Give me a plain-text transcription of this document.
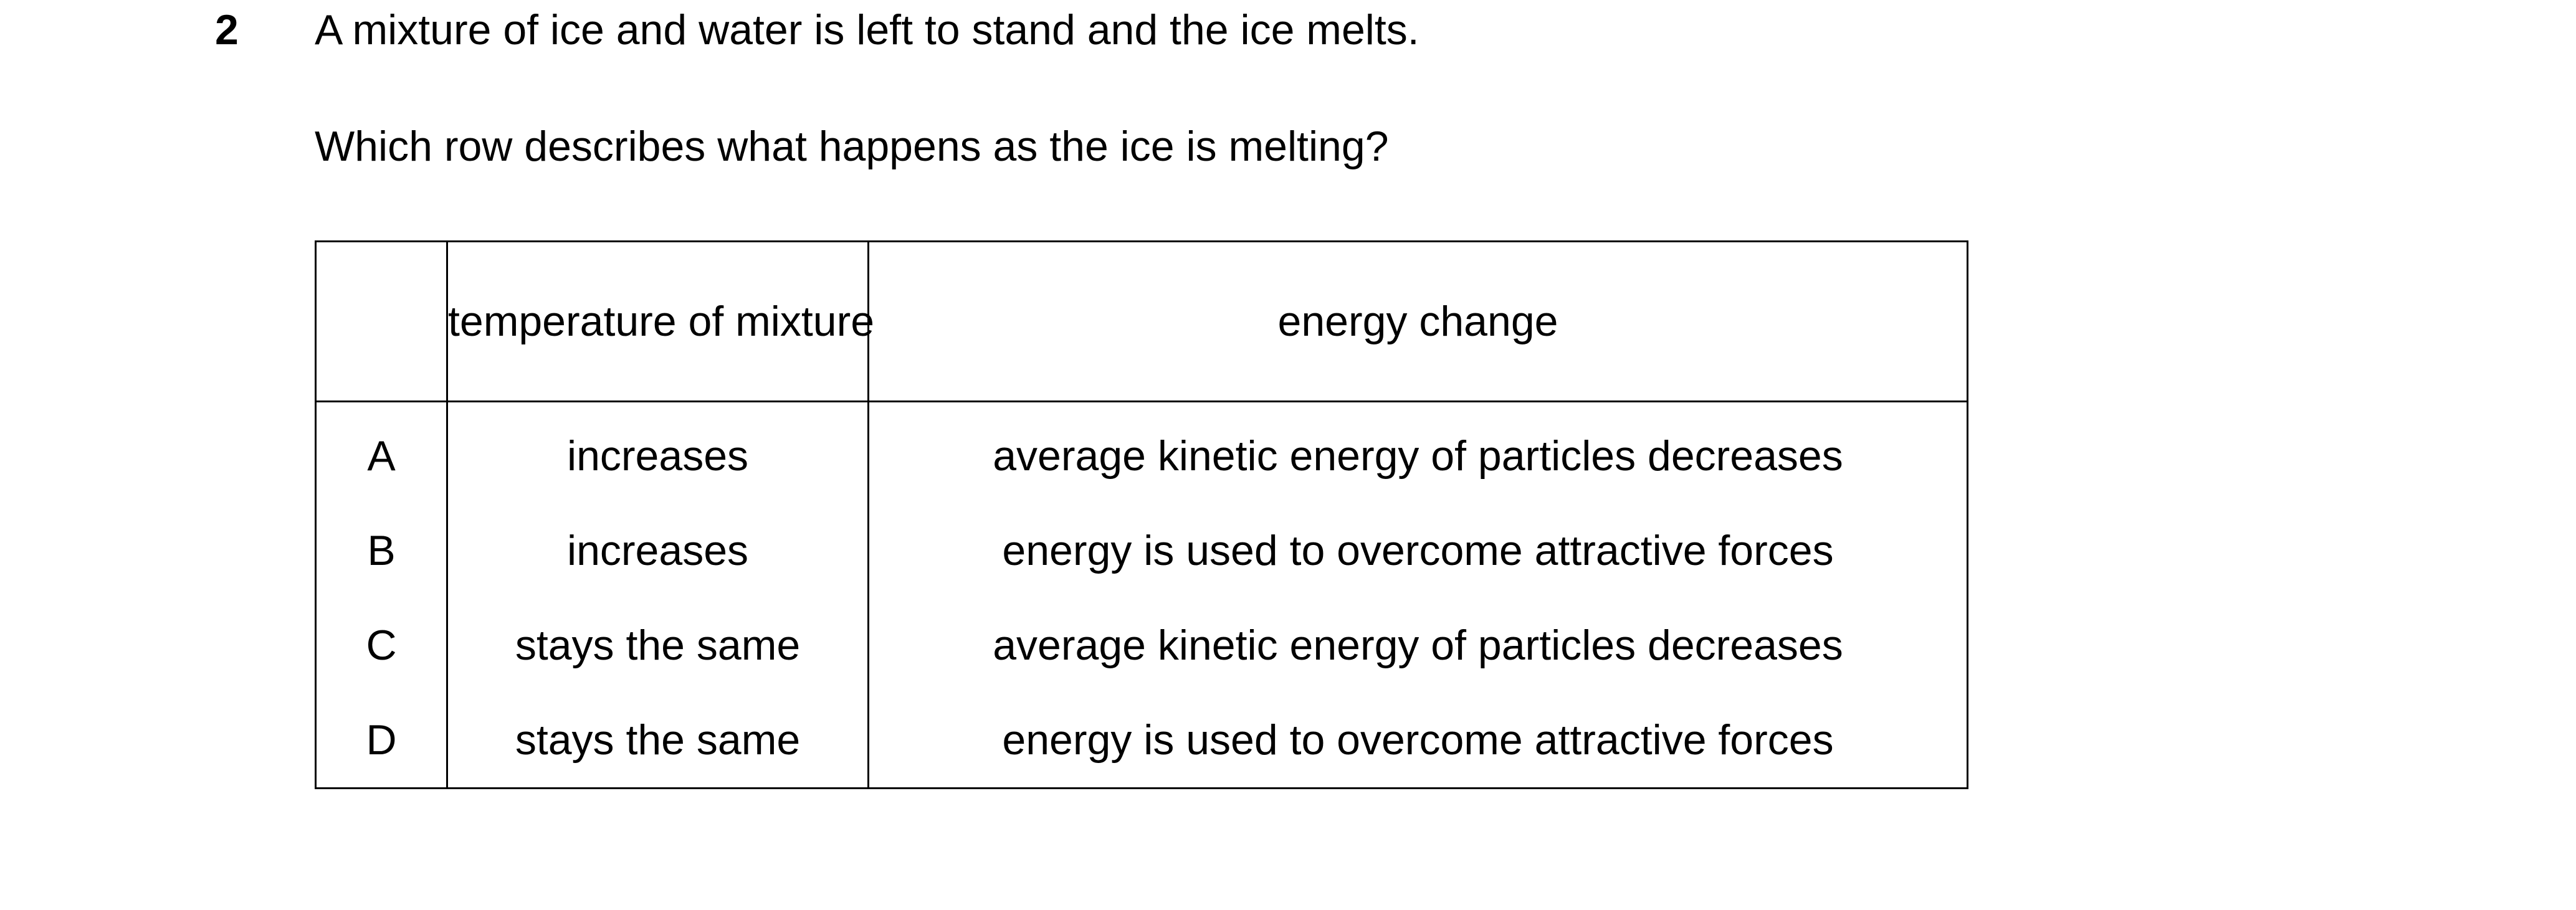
2 A mixture of ice and water is left to stand and the ice melts.
Which row describes what happens as the ice is melting?
	temperature of mixture	energy change
A	increases	average kinetic energy of particles decreases
B	increases	energy is used to overcome attractive forces
C	stays the same	average kinetic energy of particles decreases
D	stays the same	energy is used to overcome attractive forces
